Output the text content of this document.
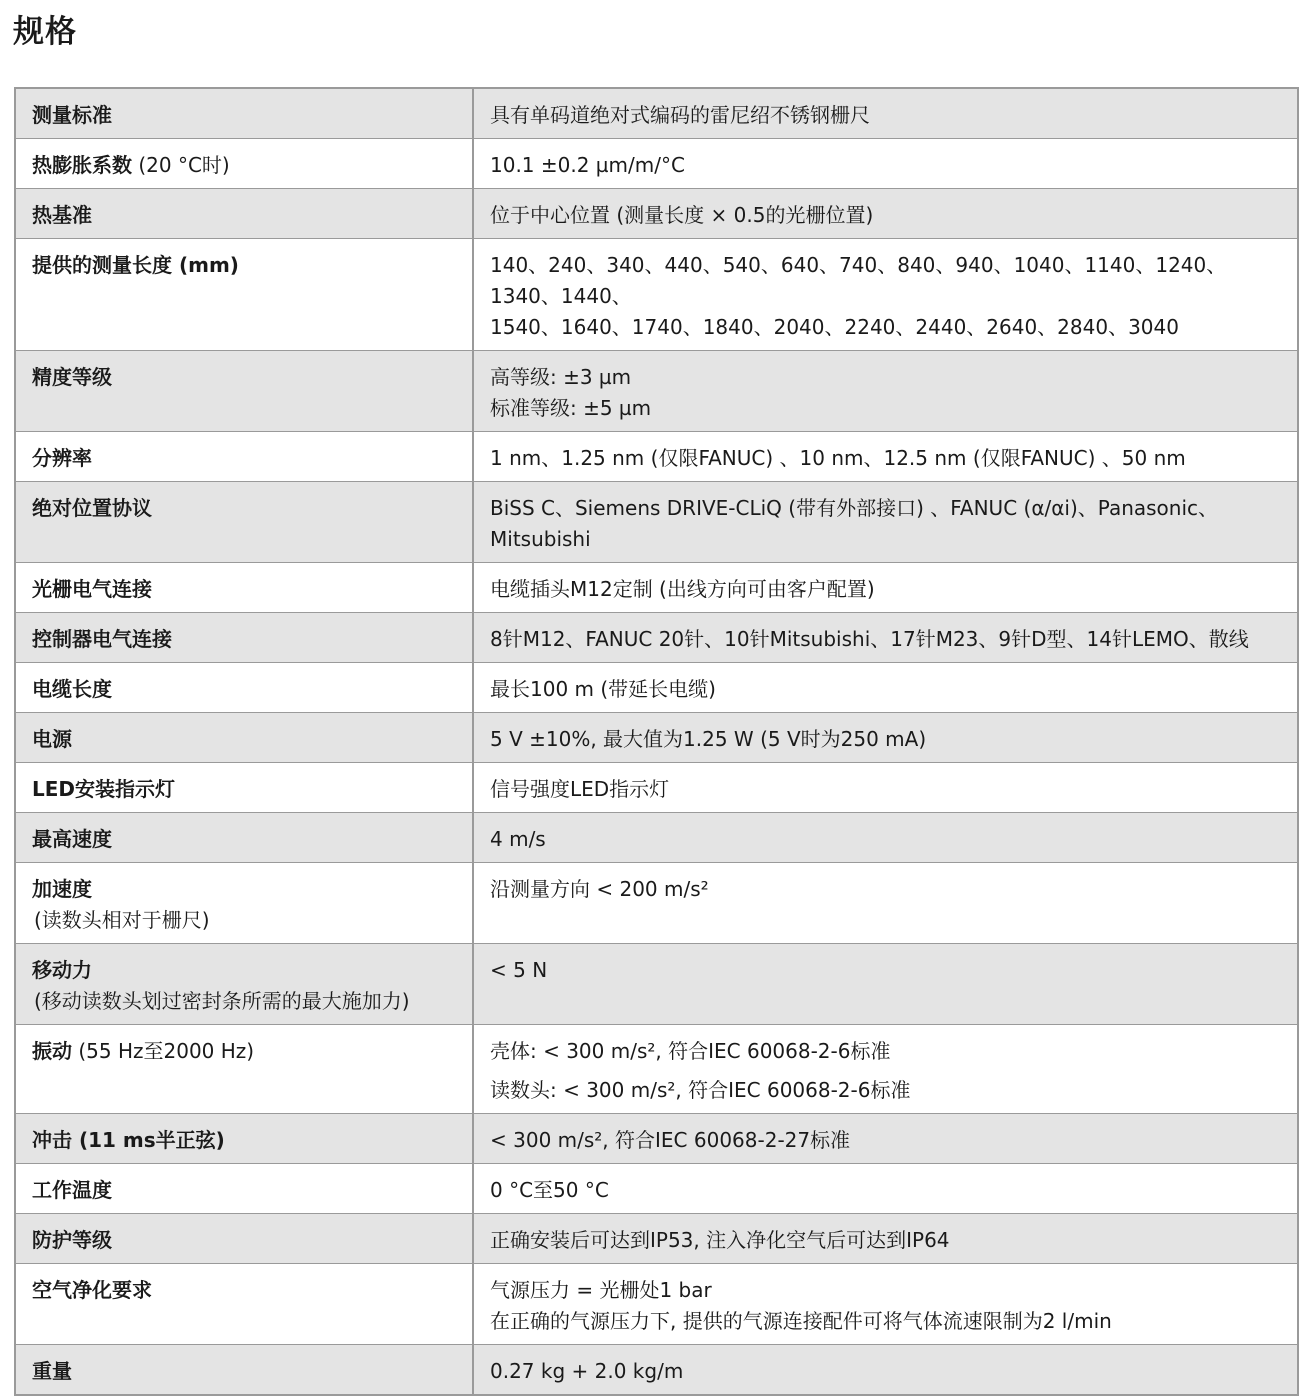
规格
测量标准	具有单码道绝对式编码的雷尼绍不锈钢栅尺

热膨胀系数 (20 °C时)	10.1 ±0.2 µm/m/°C

热基准	位于中心位置 (测量长度 × 0.5的光栅位置)

提供的测量长度 (mm)	140、240、340、440、540、640、740、840、940、1040、1140、1240、1340、1440、
1540、1640、1740、1840、2040、2240、2440、2640、2840、3040

精度等级	高等级: ±3 µm
标准等级: ±5 µm

分辨率	1 nm、1.25 nm (仅限FANUC) 、10 nm、12.5 nm (仅限FANUC) 、50 nm

绝对位置协议	BiSS C、Siemens DRIVE-CLiQ (带有外部接口) 、FANUC (α/αi)、Panasonic、
Mitsubishi

光栅电气连接	电缆插头M12定制 (出线方向可由客户配置)

控制器电气连接	8针M12、FANUC 20针、10针Mitsubishi、17针M23、9针D型、14针LEMO、散线

电缆长度	最长100 m (带延长电缆)

电源	5 V ±10%, 最大值为1.25 W (5 V时为250 mA)

LED安装指示灯	信号强度LED指示灯

最高速度	4 m/s

加速度
(读数头相对于栅尺)	沿测量方向 < 200 m/s²

移动力
(移动读数头划过密封条所需的最大施加力)	< 5 N

振动 (55 Hz至2000 Hz)	壳体: < 300 m/s², 符合IEC 60068-2-6标准
读数头: < 300 m/s², 符合IEC 60068-2-6标准

冲击 (11 ms半正弦)	< 300 m/s², 符合IEC 60068-2-27标准

工作温度	0 °C至50 °C

防护等级	正确安装后可达到IP53, 注入净化空气后可达到IP64

空气净化要求	气源压力 = 光栅处1 bar
在正确的气源压力下, 提供的气源连接配件可将气体流速限制为2 l/min

重量	0.27 kg + 2.0 kg/m
